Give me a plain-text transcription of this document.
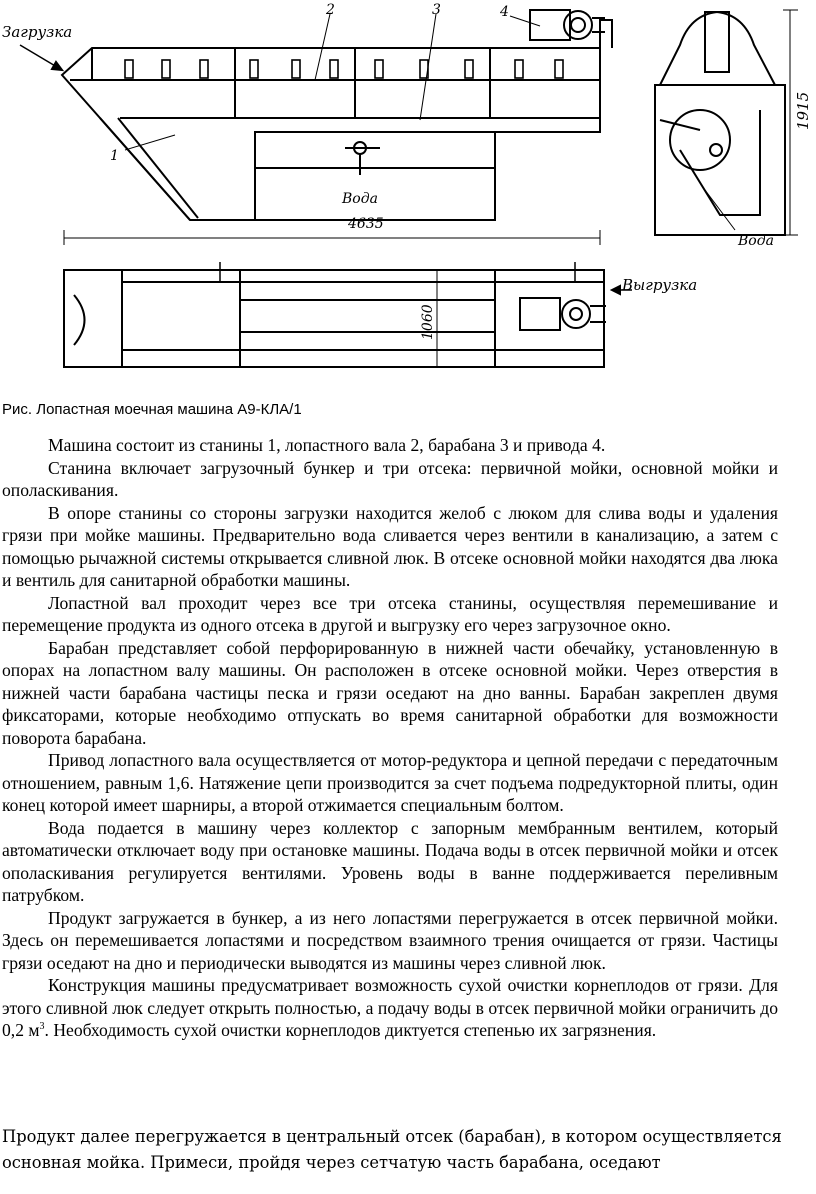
Загрузка
Выгрузка
Вода
4635
Вода
1
2	3	4
1915
1060
Рис. Лопастная моечная машина А9-КЛА/1

Машина состоит из станины 1, лопастного вала 2, барабана 3 и привода 4.

Станина включает загрузочный бункер и три отсека: первичной мойки, основной мойки и ополаскивания.

В опоре станины со стороны загрузки находится желоб с люком для слива воды и удаления грязи при мойке машины. Предварительно вода сливается через вентили в канализацию, а затем с помощью рычажной системы открывается сливной люк. В отсеке основной мойки находятся два люка и вентиль для санитарной обработки машины.

Лопастной вал проходит через все три отсека станины, осуществляя перемешивание и перемещение продукта из одного отсека в другой и выгрузку его через загрузочное окно.

Барабан представляет собой перфорированную в нижней части обечайку, установленную в опорах на лопастном валу машины. Он расположен в отсеке основной мойки. Через отверстия в нижней части барабана частицы песка и грязи оседают на дно ванны. Барабан закреплен двумя фиксаторами, которые необходимо отпускать во время санитарной обработки для возможности поворота барабана.

Привод лопастного вала осуществляется от мотор-редуктора и цепной передачи с передаточным отношением, равным 1,6. Натяжение цепи производится за счет подъема подредукторной плиты, один конец которой имеет шарниры, а второй отжимается специальным болтом.

Вода подается в машину через коллектор с запорным мембранным вентилем, который автоматически отключает воду при остановке машины. Подача воды в отсек первичной мойки и отсек ополаскивания регулируется вентилями. Уровень воды в ванне поддерживается переливным патрубком.

Продукт загружается в бункер, а из него лопастями перегружается в отсек первичной мойки. Здесь он перемешивается лопастями и посредством взаимного трения очищается от грязи. Частицы грязи оседают на дно и периодически выводятся из машины через сливной люк.

Конструкция машины предусматривает возможность сухой очистки корнеплодов от грязи. Для этого сливной люк следует открыть полностью, а подачу воды в отсек первичной мойки ограничить до 0,2 $м^3$. Необходимость сухой очистки корнеплодов диктуется степенью их загрязнения.

Продукт далее перегружается в центральный отсек (барабан), в котором осуществляется

основная мойка. Примеси, пройдя через сетчатую часть барабана, оседают
